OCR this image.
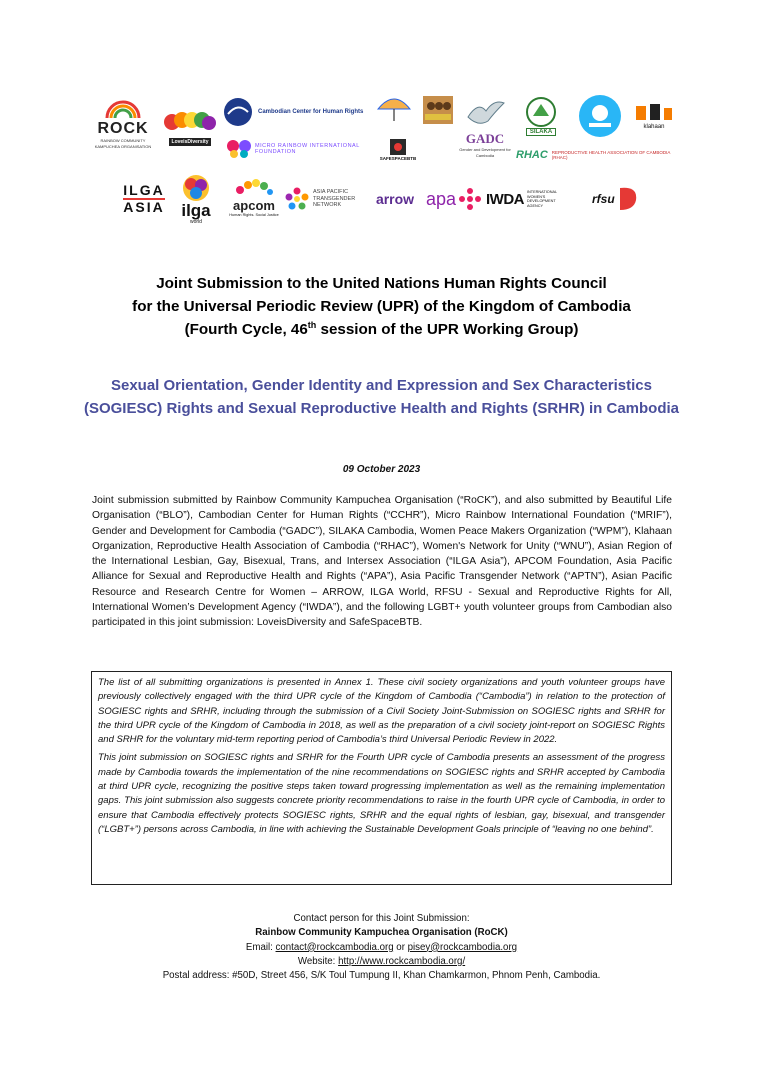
ROCK
RAINBOW COMMUNITY KAMPUCHEA ORGANISATION
LoveisDiversity
Cambodian Center for Human Rights
SAFESPACEBTB
MICRO RAINBOW INTERNATIONAL FOUNDATION
GADC
Gender and Development for Cambodia
SILAKA
klahaan
RHAC REPRODUCTIVE HEALTH ASSOCIATION OF CAMBODIA (RHAC)
ILGA
ASIA ilga
world
apcom
Human Rights. Social Justice
ASIA PACIFIC TRANSGENDER NETWORK	arrow apa IWDA INTERNATIONAL WOMEN'S DEVELOPMENT AGENCY	rfsu
Joint Submission to the United Nations Human Rights Council
for the Universal Periodic Review (UPR) of the Kingdom of Cambodia
(Fourth Cycle, 46th session of the UPR Working Group)
Sexual Orientation, Gender Identity and Expression and Sex Characteristics (SOGIESC) Rights and Sexual Reproductive Health and Rights (SRHR) in Cambodia
09 October 2023
Joint submission submitted by Rainbow Community Kampuchea Organisation (“RoCK”), and also submitted by Beautiful Life Organisation (“BLO”), Cambodian Center for Human Rights (“CCHR”), Micro Rainbow International Foundation (“MRIF”), Gender and Development for Cambodia (“GADC”), SILAKA Cambodia, Women Peace Makers Organization (“WPM”), Klahaan Organization, Reproductive Health Association of Cambodia (“RHAC”), Women's Network for Unity (“WNU”), Asian Region of the International Lesbian, Gay, Bisexual, Trans, and Intersex Association (“ILGA Asia”), APCOM Foundation, Asia Pacific Alliance for Sexual and Reproductive Health and Rights (“APA”), Asia Pacific Transgender Network (“APTN”), Asian Pacific Resource and Research Centre for Women – ARROW, ILGA World, RFSU - Sexual and Reproductive Rights for All, International Women’s Development Agency (“IWDA”), and the following LGBT+ youth volunteer groups from Cambodian also participated in this joint submission: LoveisDiversity and SafeSpaceBTB.

The list of all submitting organizations is presented in Annex 1. These civil society organizations and youth volunteer groups have previously collectively engaged with the third UPR cycle of the Kingdom of Cambodia (“Cambodia”) in relation to the protection of SOGIESC rights and SRHR, including through the submission of a Civil Society Joint-Submission on SOGIESC rights and SRHR for the third UPR cycle of the Kingdom of Cambodia in 2018, as well as the preparation of a civil society joint-report on SOGIESC Rights and SRHR for the voluntary mid-term reporting period of Cambodia’s third Universal Periodic Review in 2022.

This joint submission on SOGIESC rights and SRHR for the Fourth UPR cycle of Cambodia presents an assessment of the progress made by Cambodia towards the implementation of the nine recommendations on SOGIESC rights and SRHR accepted by Cambodia at third UPR cycle, recognizing the positive steps taken toward progressing implementation as well as the remaining implementation gaps. This joint submission also suggests concrete priority recommendations to raise in the fourth UPR cycle of Cambodia, in order to ensure that Cambodia effectively protects SOGIESC rights, SRHR and the equal rights of lesbian, gay, bisexual, and transgender (“LGBT+”) persons across Cambodia, in line with achieving the Sustainable Development Goals principle of “leaving no one behind”.

Contact person for this Joint Submission:
Rainbow Community Kampuchea Organisation (RoCK)
Email: contact@rockcambodia.org or pisey@rockcambodia.org
Website: http://www.rockcambodia.org/
Postal address: #50D, Street 456, S/K Toul Tumpung II, Khan Chamkarmon, Phnom Penh, Cambodia.
